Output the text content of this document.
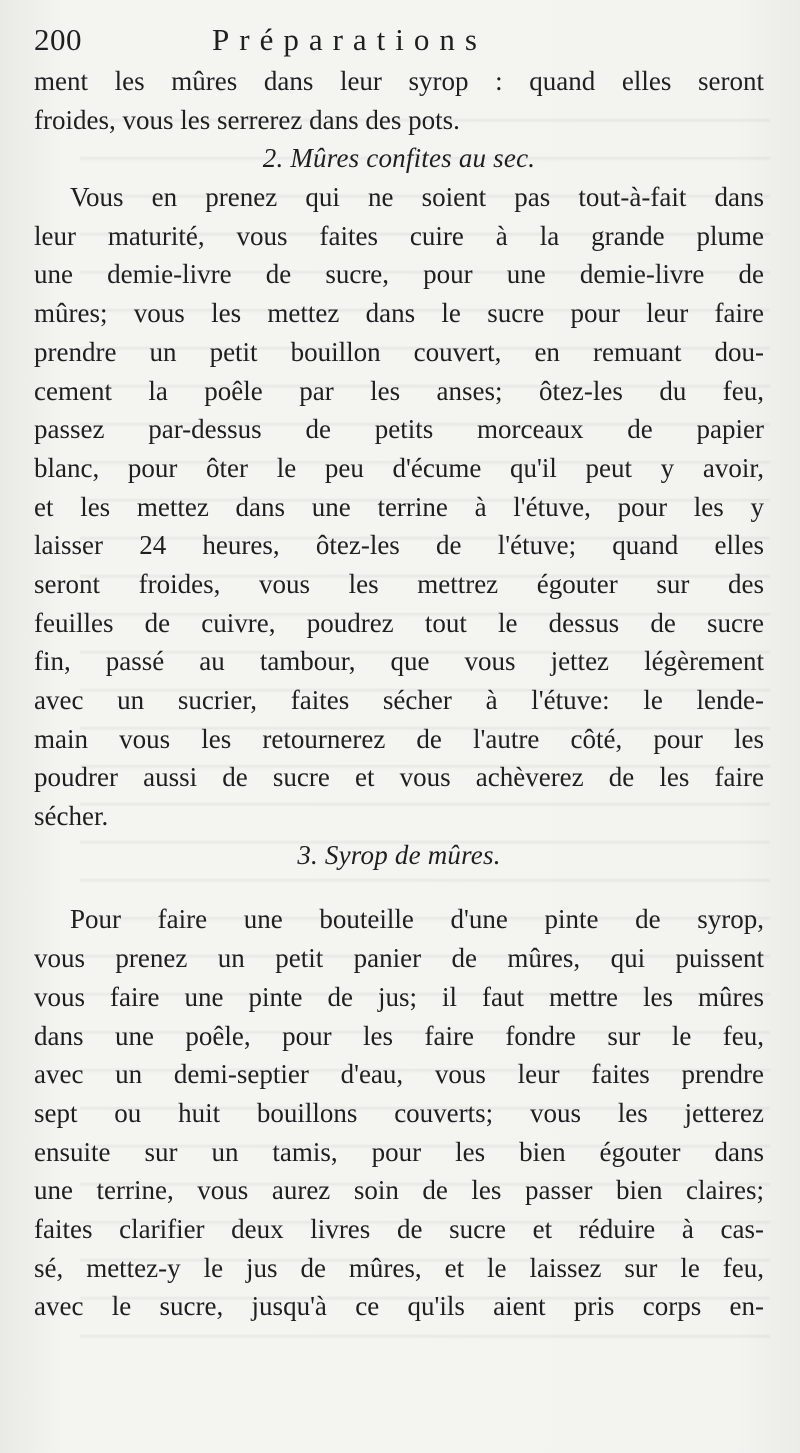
200	Préparations
ment les mûres dans leur syrop : quand elles seront
froides, vous les serrerez dans des pots.
2. Mûres confites au sec.
Vous en prenez qui ne soient pas tout-à-fait dans
leur maturité, vous faites cuire à la grande plume
une demie-livre de sucre, pour une demie-livre de
mûres; vous les mettez dans le sucre pour leur faire
prendre un petit bouillon couvert, en remuant dou-
cement la poêle par les anses; ôtez-les du feu,
passez par-dessus de petits morceaux de papier
blanc, pour ôter le peu d'écume qu'il peut y avoir,
et les mettez dans une terrine à l'étuve, pour les y
laisser 24 heures, ôtez-les de l'étuve; quand elles
seront froides, vous les mettrez égouter sur des
feuilles de cuivre, poudrez tout le dessus de sucre
fin, passé au tambour, que vous jettez légèrement
avec un sucrier, faites sécher à l'étuve: le lende-
main vous les retournerez de l'autre côté, pour les
poudrer aussi de sucre et vous achèverez de les faire
sécher.
3. Syrop de mûres.
Pour faire une bouteille d'une pinte de syrop,
vous prenez un petit panier de mûres, qui puissent
vous faire une pinte de jus; il faut mettre les mûres
dans une poêle, pour les faire fondre sur le feu,
avec un demi-septier d'eau, vous leur faites prendre
sept ou huit bouillons couverts; vous les jetterez
ensuite sur un tamis, pour les bien égouter dans
une terrine, vous aurez soin de les passer bien claires;
faites clarifier deux livres de sucre et réduire à cas-
sé, mettez-y le jus de mûres, et le laissez sur le feu,
avec le sucre, jusqu'à ce qu'ils aient pris corps en-
